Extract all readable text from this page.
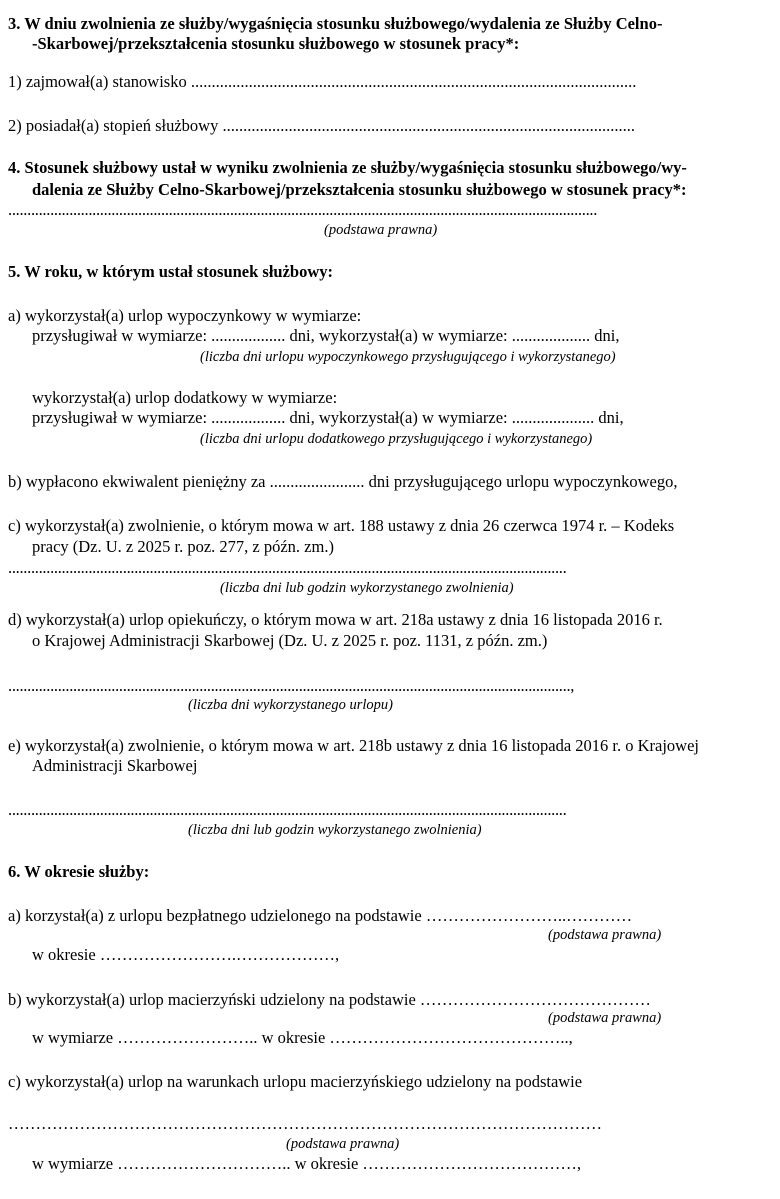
3. W dniu zwolnienia ze służby/wygaśnięcia stosunku służbowego/wydalenia ze Służby Celno-
-Skarbowej/przekształcenia stosunku służbowego w stosunek pracy*:
1) zajmował(a) stanowisko ............................................................................................................
2) posiadał(a) stopień służbowy ....................................................................................................
4. Stosunek służbowy ustał w wyniku zwolnienia ze służby/wygaśnięcia stosunku służbowego/wy-
dalenia ze Służby Celno-Skarbowej/przekształcenia stosunku służbowego w stosunek pracy*:
..........................................................................................................................................................
(podstawa prawna)
5. W roku, w którym ustał stosunek służbowy:
a) wykorzystał(a) urlop wypoczynkowy w wymiarze:
przysługiwał w wymiarze: .................. dni, wykorzystał(a) w wymiarze: ................... dni,
(liczba dni urlopu wypoczynkowego przysługującego i wykorzystanego)
wykorzystał(a) urlop dodatkowy w wymiarze:
przysługiwał w wymiarze: .................. dni, wykorzystał(a) w wymiarze: .................... dni,
(liczba dni urlopu dodatkowego przysługującego i wykorzystanego)
b) wypłacono ekwiwalent pieniężny za ....................... dni przysługującego urlopu wypoczynkowego,
c) wykorzystał(a) zwolnienie, o którym mowa w art. 188 ustawy z dnia 26 czerwca 1974 r. – Kodeks
pracy (Dz. U. z 2025 r. poz. 277, z późn. zm.)
..................................................................................................................................................
(liczba dni lub godzin wykorzystanego zwolnienia)
d) wykorzystał(a) urlop opiekuńczy, o którym mowa w art. 218a ustawy z dnia 16 listopada 2016 r.
o Krajowej Administracji Skarbowej (Dz. U. z 2025 r. poz. 1131, z późn. zm.)
...................................................................................................................................................,
(liczba dni wykorzystanego urlopu)
e) wykorzystał(a) zwolnienie, o którym mowa w art. 218b ustawy z dnia 16 listopada 2016 r. o Krajowej
Administracji Skarbowej
..................................................................................................................................................
(liczba dni lub godzin wykorzystanego zwolnienia)
6. W okresie służby:
a) korzystał(a) z urlopu bezpłatnego udzielonego na podstawie ……………………..…………
(podstawa prawna)
w okresie …………………….………………,
b) wykorzystał(a) urlop macierzyński udzielony na podstawie ……………………………………
(podstawa prawna)
w wymiarze …………………….. w okresie ……………………………………..,
c) wykorzystał(a) urlop na warunkach urlopu macierzyńskiego udzielony na podstawie
………………………………………………………………………………………………
(podstawa prawna)
w wymiarze ………………………….. w okresie …………………………………,
